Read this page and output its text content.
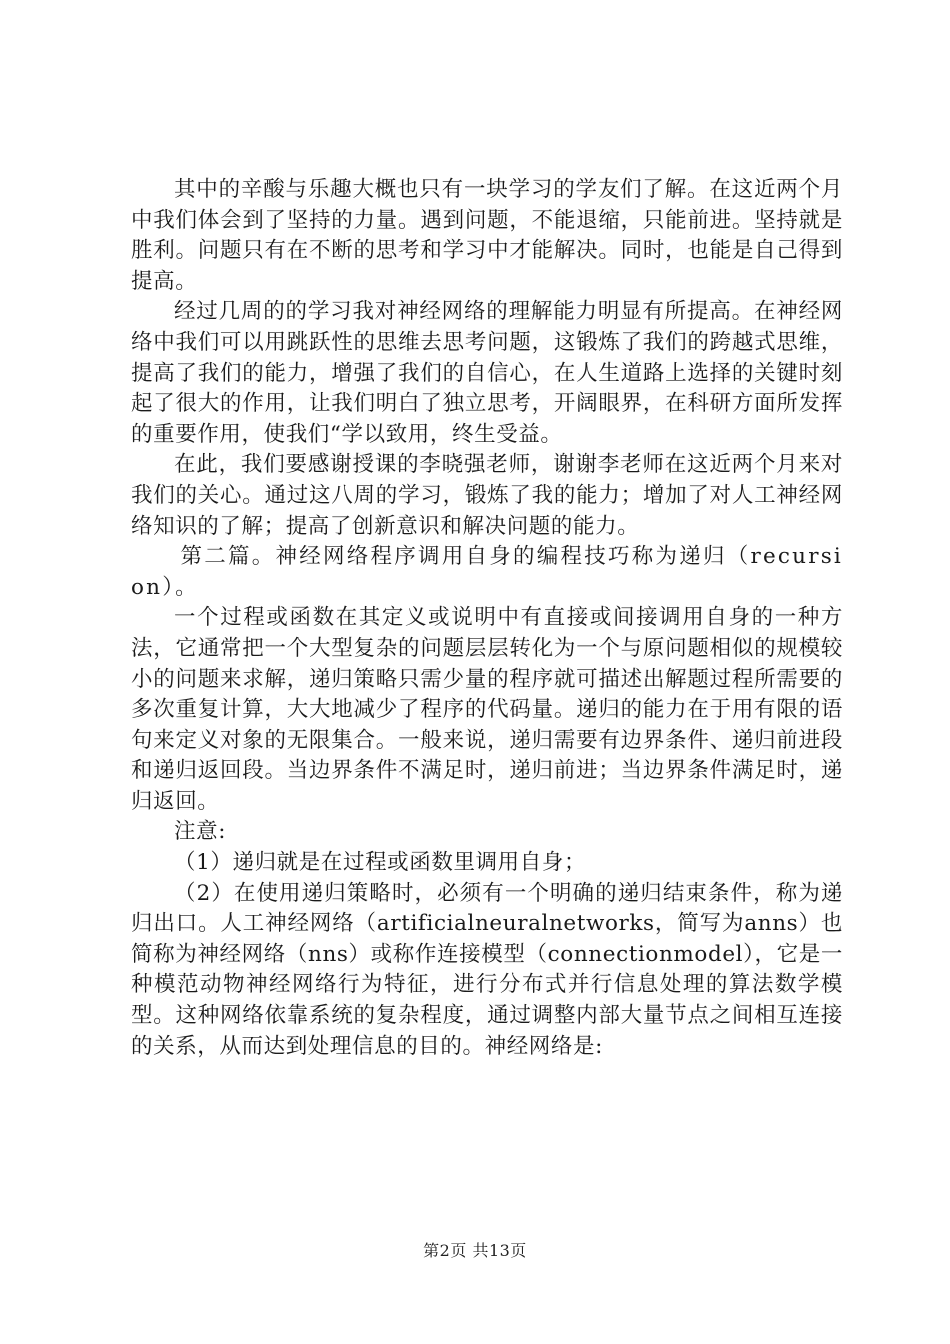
其中的辛酸与乐趣大概也只有一块学习的学友们了解。在这近两个月中我们体会到了坚持的力量。遇到问题，不能退缩，只能前进。坚持就是胜利。问题只有在不断的思考和学习中才能解决。同时，也能是自己得到提高。

经过几周的的学习我对神经网络的理解能力明显有所提高。在神经网络中我们可以用跳跃性的思维去思考问题，这锻炼了我们的跨越式思维，提高了我们的能力，增强了我们的自信心，在人生道路上选择的关键时刻起了很大的作用，让我们明白了独立思考，开阔眼界，在科研方面所发挥的重要作用，使我们“学以致用，终生受益。

在此，我们要感谢授课的李晓强老师，谢谢李老师在这近两个月来对我们的关心。通过这八周的学习，锻炼了我的能力；增加了对人工神经网络知识的了解；提高了创新意识和解决问题的能力。

第二篇。神经网络程序调用自身的编程技巧称为递归（recursion）。

一个过程或函数在其定义或说明中有直接或间接调用自身的一种方法，它通常把一个大型复杂的问题层层转化为一个与原问题相似的规模较小的问题来求解，递归策略只需少量的程序就可描述出解题过程所需要的多次重复计算，大大地减少了程序的代码量。递归的能力在于用有限的语句来定义对象的无限集合。一般来说，递归需要有边界条件、递归前进段和递归返回段。当边界条件不满足时，递归前进；当边界条件满足时，递归返回。

注意:

（1）递归就是在过程或函数里调用自身；

（2）在使用递归策略时，必须有一个明确的递归结束条件，称为递归出口。人工神经网络（artificialneuralnetworks，简写为anns）也简称为神经网络（nns）或称作连接模型（connectionmodel），它是一种模范动物神经网络行为特征，进行分布式并行信息处理的算法数学模型。这种网络依靠系统的复杂程度，通过调整内部大量节点之间相互连接的关系，从而达到处理信息的目的。神经网络是:

第2页 共13页
